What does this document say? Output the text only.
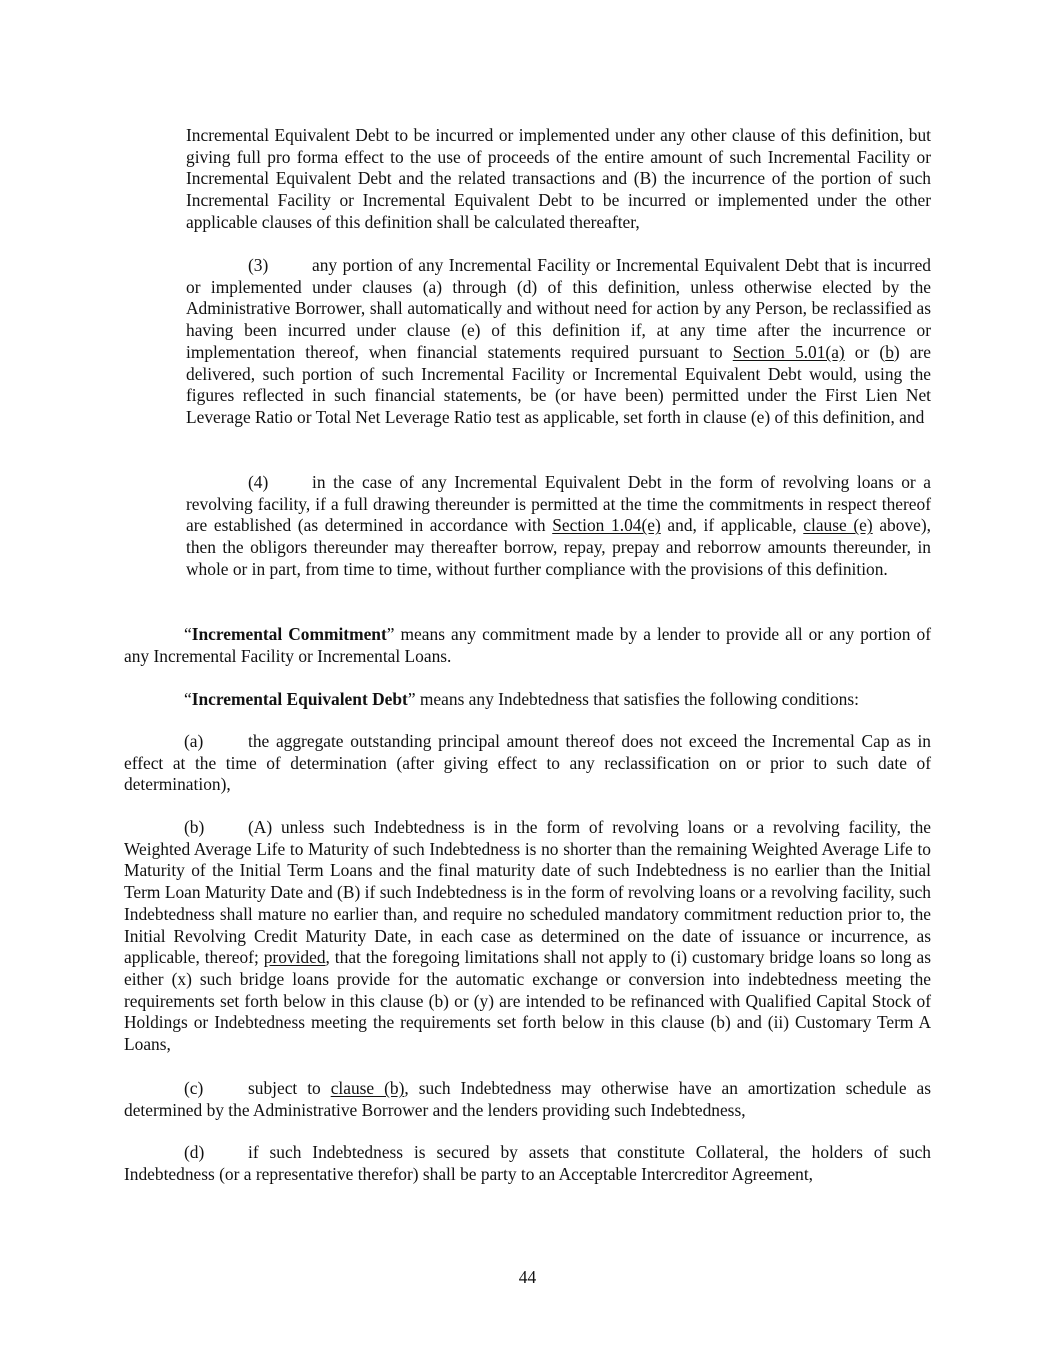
Incremental Equivalent Debt to be incurred or implemented under any other clause of this definition, but giving full pro forma effect to the use of proceeds of the entire amount of such Incremental Facility or Incremental Equivalent Debt and the related transactions and (B) the incurrence of the portion of such Incremental Facility or Incremental Equivalent Debt to be incurred or implemented under the other applicable clauses of this definition shall be calculated thereafter,

(3)	any portion of any Incremental Facility or Incremental Equivalent Debt that is incurred or implemented under clauses (a) through (d) of this definition, unless otherwise elected by the Administrative Borrower, shall automatically and without need for action by any Person, be reclassified as having been incurred under clause (e) of this definition if, at any time after the incurrence or implementation thereof, when financial statements required pursuant to Section 5.01(a) or (b) are delivered, such portion of such Incremental Facility or Incremental Equivalent Debt would, using the figures reflected in such financial statements, be (or have been) permitted under the First Lien Net Leverage Ratio or Total Net Leverage Ratio test as applicable, set forth in clause (e) of this definition, and

(4)	in the case of any Incremental Equivalent Debt in the form of revolving loans or a revolving facility, if a full drawing thereunder is permitted at the time the commitments in respect thereof are established (as determined in accordance with Section 1.04(e) and, if applicable, clause (e) above), then the obligors thereunder may thereafter borrow, repay, prepay and reborrow amounts thereunder, in whole or in part, from time to time, without further compliance with the provisions of this definition.

“Incremental Commitment” means any commitment made by a lender to provide all or any portion of any Incremental Facility or Incremental Loans.

“Incremental Equivalent Debt” means any Indebtedness that satisfies the following conditions:

(a)	the aggregate outstanding principal amount thereof does not exceed the Incremental Cap as in effect at the time of determination (after giving effect to any reclassification on or prior to such date of determination),

(b)	(A) unless such Indebtedness is in the form of revolving loans or a revolving facility, the Weighted Average Life to Maturity of such Indebtedness is no shorter than the remaining Weighted Average Life to Maturity of the Initial Term Loans and the final maturity date of such Indebtedness is no earlier than the Initial Term Loan Maturity Date and (B) if such Indebtedness is in the form of revolving loans or a revolving facility, such Indebtedness shall mature no earlier than, and require no scheduled mandatory commitment reduction prior to, the Initial Revolving Credit Maturity Date, in each case as determined on the date of issuance or incurrence, as applicable, thereof; provided, that the foregoing limitations shall not apply to (i) customary bridge loans so long as either (x) such bridge loans provide for the automatic exchange or conversion into indebtedness meeting the requirements set forth below in this clause (b) or (y) are intended to be refinanced with Qualified Capital Stock of Holdings or Indebtedness meeting the requirements set forth below in this clause (b) and (ii) Customary Term A Loans,

(c)	subject to clause (b), such Indebtedness may otherwise have an amortization schedule as determined by the Administrative Borrower and the lenders providing such Indebtedness,

(d)	if such Indebtedness is secured by assets that constitute Collateral, the holders of such Indebtedness (or a representative therefor) shall be party to an Acceptable Intercreditor Agreement,

44
